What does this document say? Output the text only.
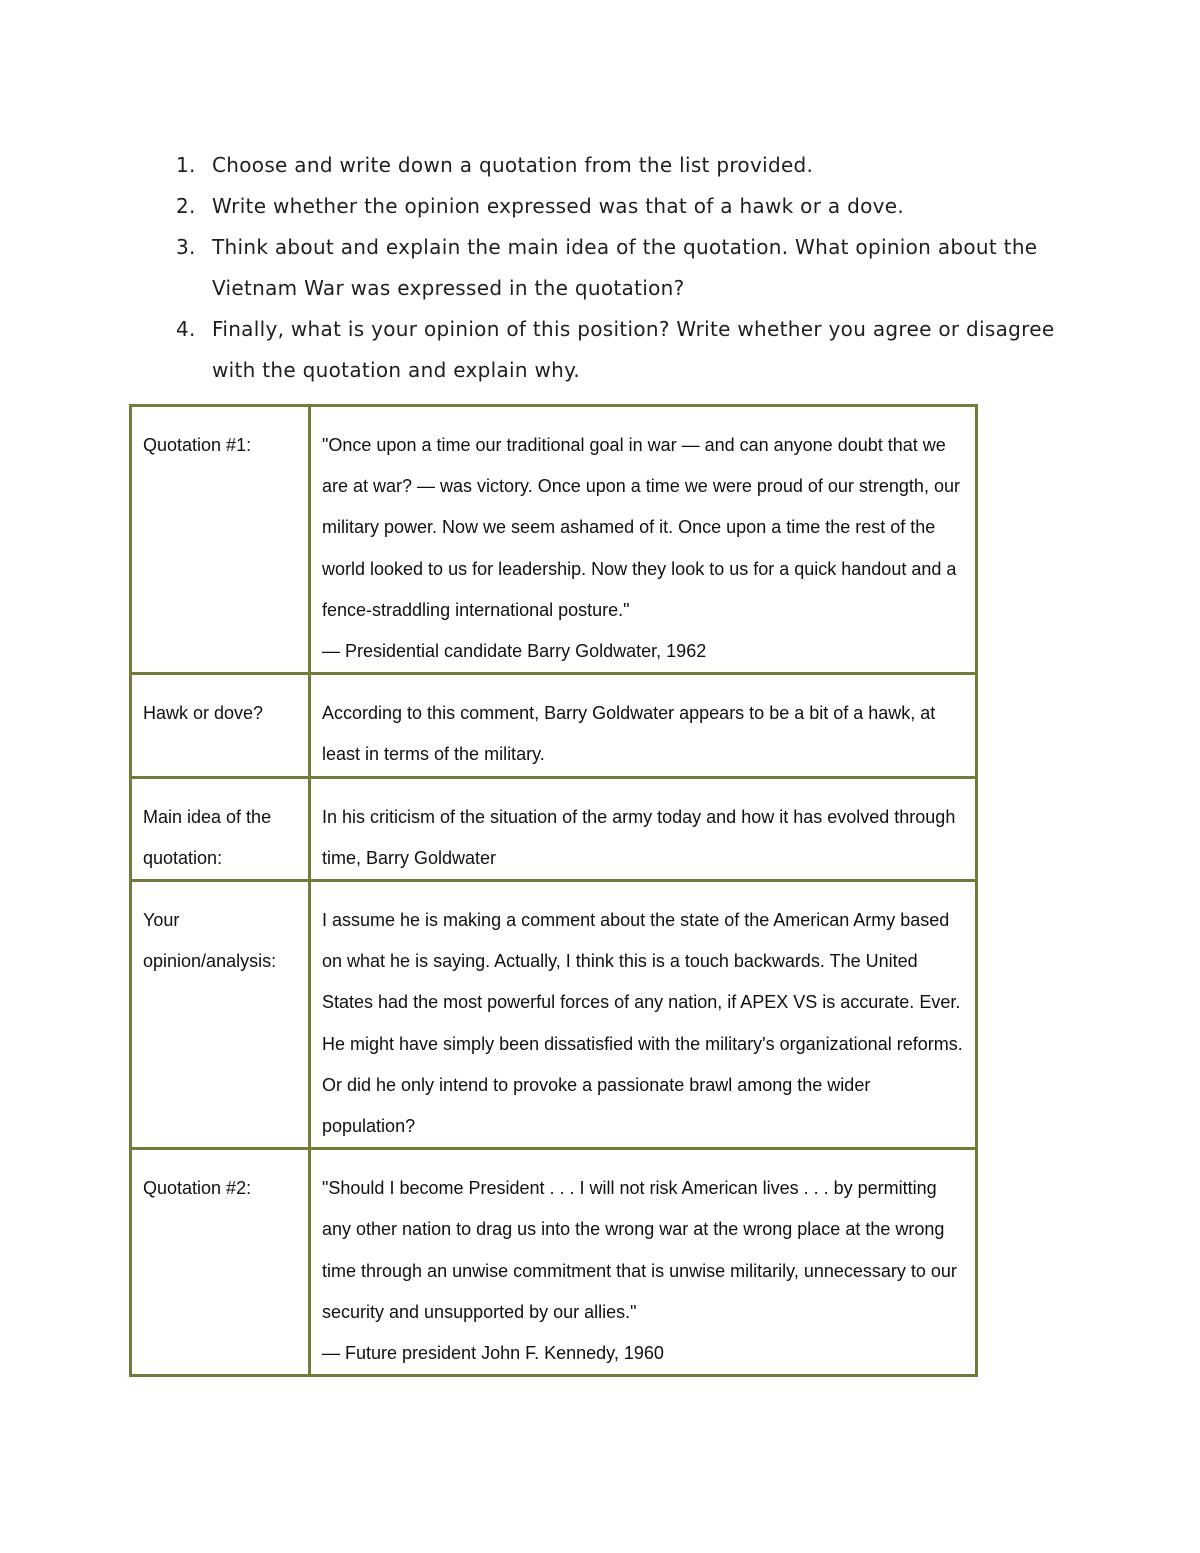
1. Choose and write down a quotation from the list provided.
2. Write whether the opinion expressed was that of a hawk or a dove.
3. Think about and explain the main idea of the quotation. What opinion about the Vietnam War was expressed in the quotation?
4. Finally, what is your opinion of this position? Write whether you agree or disagree with the quotation and explain why.
Quotation #1:	"Once upon a time our traditional goal in war — and can anyone doubt that we are at war? — was victory. Once upon a time we were proud of our strength, our military power. Now we seem ashamed of it. Once upon a time the rest of the world looked to us for leadership. Now they look to us for a quick handout and a fence-straddling international posture."
— Presidential candidate Barry Goldwater, 1962

Hawk or dove?	According to this comment, Barry Goldwater appears to be a bit of a hawk, at least in terms of the military.
Main idea of the quotation:	In his criticism of the situation of the army today and how it has evolved through time, Barry Goldwater
Your opinion/analysis:	I assume he is making a comment about the state of the American Army based on what he is saying. Actually, I think this is a touch backwards. The United States had the most powerful forces of any nation, if APEX VS is accurate. Ever. He might have simply been dissatisfied with the military's organizational reforms. Or did he only intend to provoke a passionate brawl among the wider population?
Quotation #2:	"Should I become President . . . I will not risk American lives . . . by permitting any other nation to drag us into the wrong war at the wrong place at the wrong time through an unwise commitment that is unwise militarily, unnecessary to our security and unsupported by our allies."
— Future president John F. Kennedy, 1960
